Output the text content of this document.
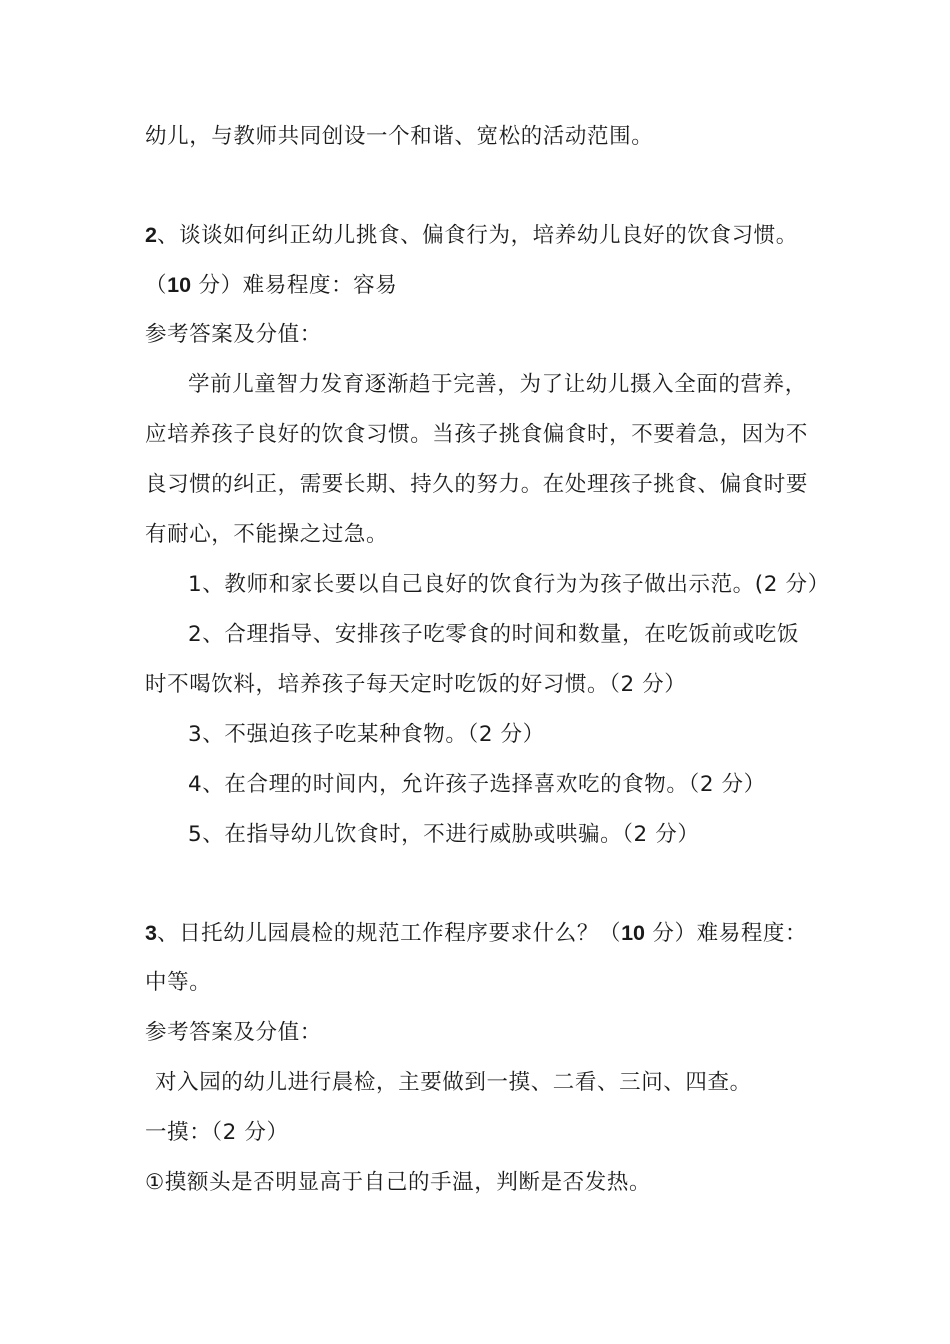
幼儿，与教师共同创设一个和谐、宽松的活动范围。
2、谈谈如何纠正幼儿挑食、偏食行为，培养幼儿良好的饮食习惯。
（10 分）难易程度：容易
参考答案及分值：
学前儿童智力发育逐渐趋于完善，为了让幼儿摄入全面的营养，
应培养孩子良好的饮食习惯。当孩子挑食偏食时，不要着急，因为不
良习惯的纠正，需要长期、持久的努力。在处理孩子挑食、偏食时要
有耐心，不能操之过急。
1、教师和家长要以自己良好的饮食行为为孩子做出示范。(2 分）
2、合理指导、安排孩子吃零食的时间和数量，在吃饭前或吃饭
时不喝饮料，培养孩子每天定时吃饭的好习惯。（2 分）
3、不强迫孩子吃某种食物。（2 分）
4、在合理的时间内，允许孩子选择喜欢吃的食物。（2 分）
5、在指导幼儿饮食时，不进行威胁或哄骗。（2 分）
3、日托幼儿园晨检的规范工作程序要求什么？（10 分）难易程度：
中等。
参考答案及分值：
对入园的幼儿进行晨检，主要做到一摸、二看、三问、四查。
一摸：（2 分）
①摸额头是否明显高于自己的手温，判断是否发热。
